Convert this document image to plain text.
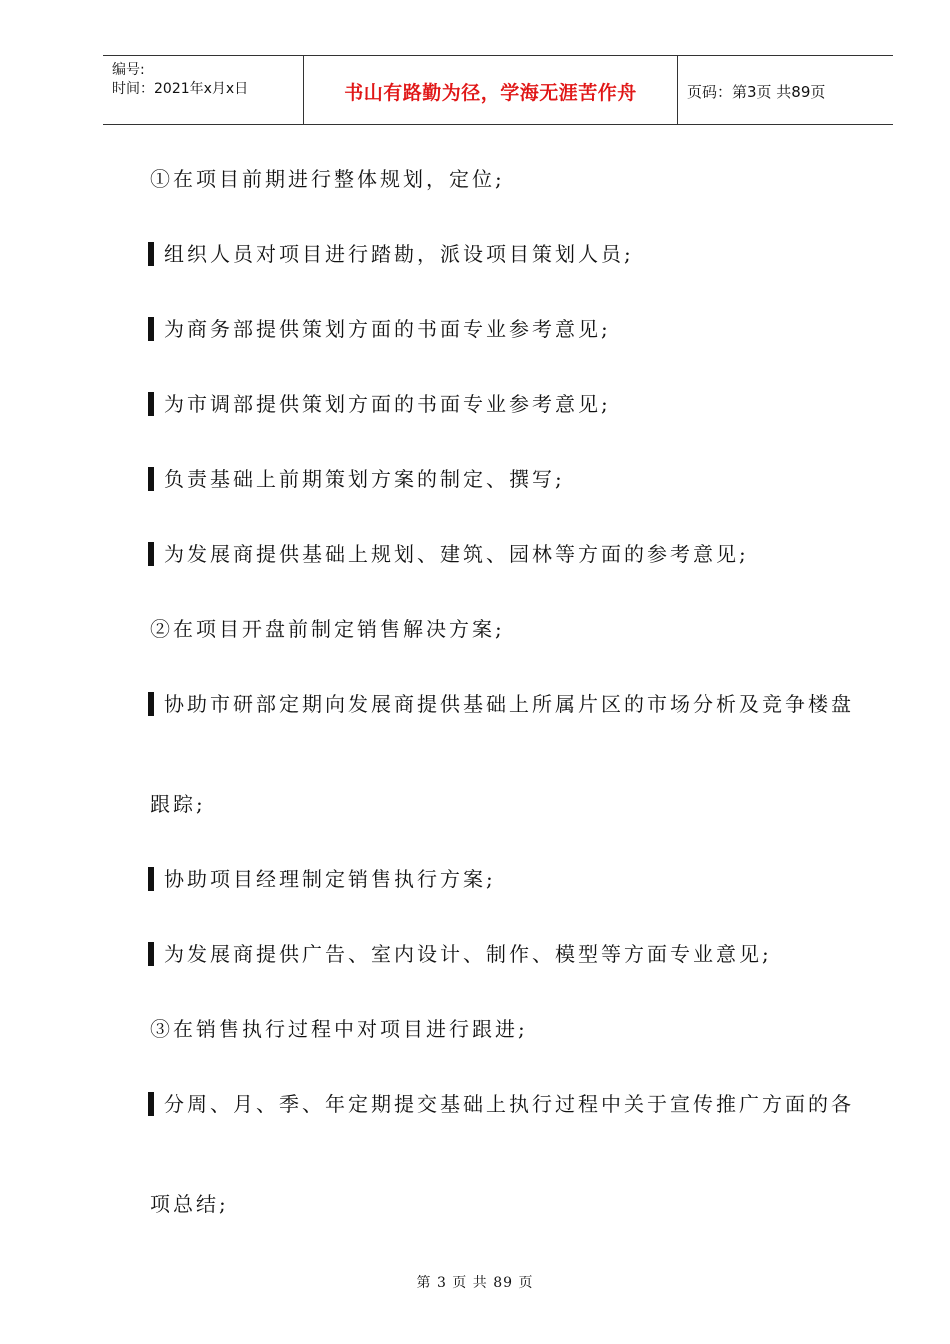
编号:
时间：2021年x月x日	书山有路勤为径，学海无涯苦作舟	页码：第3页 共89页
①在项目前期进行整体规划，定位;
组织人员对项目进行踏勘，派设项目策划人员;
为商务部提供策划方面的书面专业参考意见;
为市调部提供策划方面的书面专业参考意见;
负责基础上前期策划方案的制定、撰写;
为发展商提供基础上规划、建筑、园林等方面的参考意见;
②在项目开盘前制定销售解决方案;
协助市研部定期向发展商提供基础上所属片区的市场分析及竞争楼盘
跟踪;
协助项目经理制定销售执行方案;
为发展商提供广告、室内设计、制作、模型等方面专业意见;
③在销售执行过程中对项目进行跟进;
分周、月、季、年定期提交基础上执行过程中关于宣传推广方面的各
项总结;
第 3 页 共 89 页
